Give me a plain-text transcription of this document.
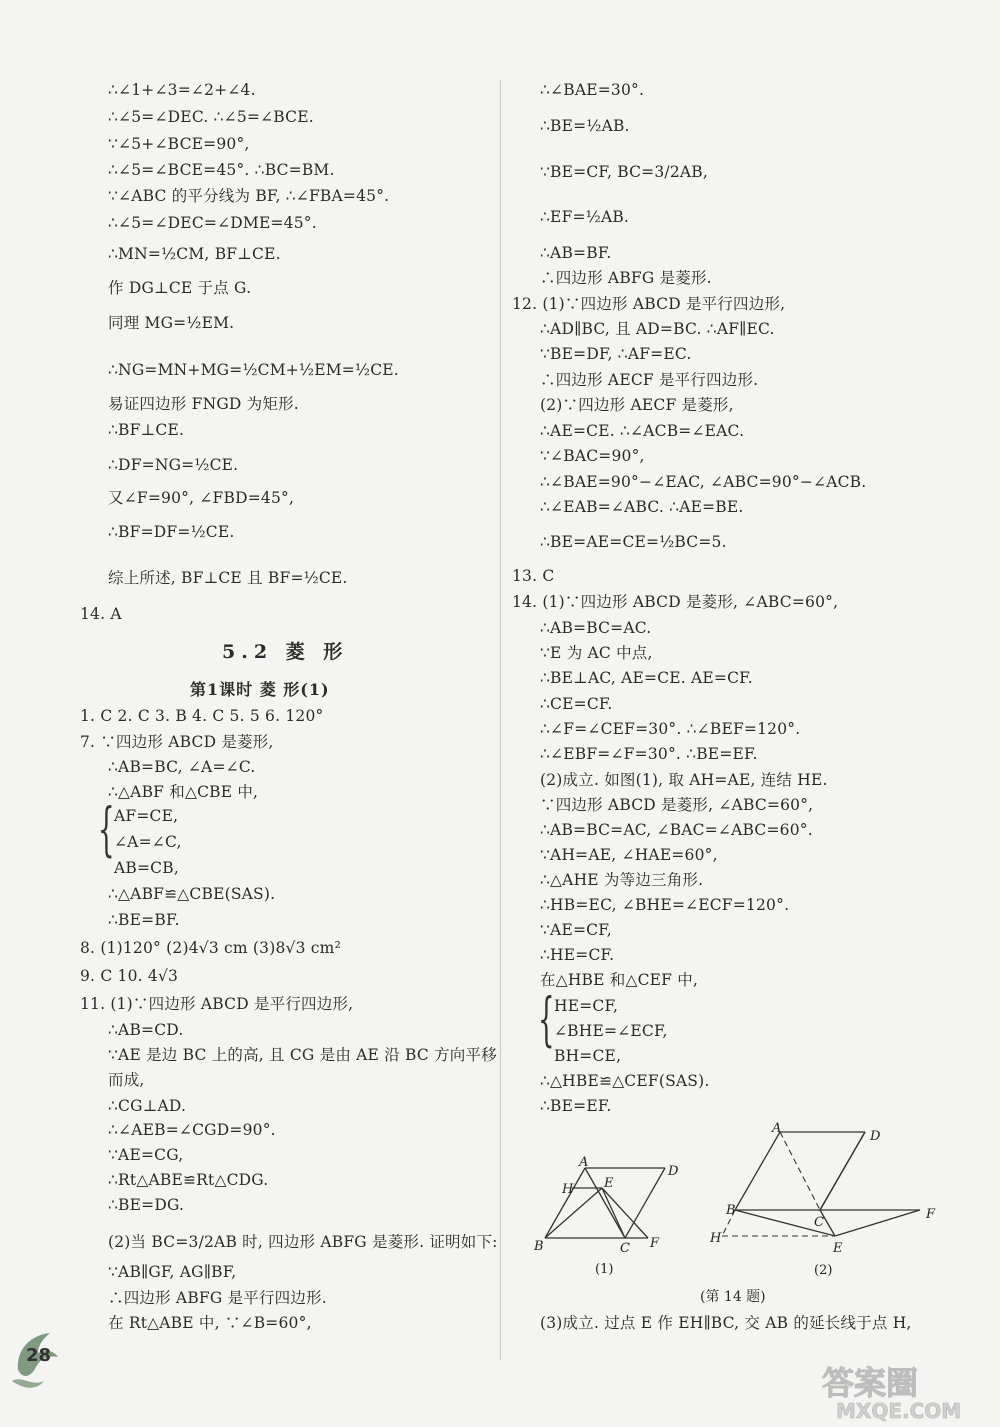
∴∠1+∠3=∠2+∠4.
∴∠5=∠DEC. ∴∠5=∠BCE.
∵∠5+∠BCE=90°,
∴∠5=∠BCE=45°. ∴BC=BM.
∵∠ABC 的平分线为 BF, ∴∠FBA=45°.
∴∠5=∠DEC=∠DME=45°.
∴MN=½CM, BF⊥CE.
作 DG⊥CE 于点 G.
同理 MG=½EM.
∴NG=MN+MG=½CM+½EM=½CE.
易证四边形 FNGD 为矩形.
∴BF⊥CE.
∴DF=NG=½CE.
又∠F=90°, ∠FBD=45°,
∴BF=DF=½CE.
综上所述, BF⊥CE 且 BF=½CE.
14. A
5.2 菱 形
第1课时 菱 形(1)
1. C 2. C 3. B 4. C 5. 5 6. 120°
7. ∵四边形 ABCD 是菱形,
∴AB=BC, ∠A=∠C.
∴△ABF 和△CBE 中,
{ AF=CE,
∠A=∠C,
AB=CB,
∴△ABF≌△CBE(SAS).
∴BE=BF.
8. (1)120° (2)4√3 cm (3)8√3 cm²
9. C 10. 4√3
11. (1)∵四边形 ABCD 是平行四边形,
∴AB=CD.
∵AE 是边 BC 上的高, 且 CG 是由 AE 沿 BC 方向平移
而成,
∴CG⊥AD.
∴∠AEB=∠CGD=90°.
∵AE=CG,
∴Rt△ABE≌Rt△CDG.
∴BE=DG.
(2)当 BC=3/2AB 时, 四边形 ABFG 是菱形. 证明如下:
∵AB∥GF, AG∥BF,
∴四边形 ABFG 是平行四边形.
在 Rt△ABE 中, ∵∠B=60°,
∴∠BAE=30°.
∴BE=½AB.
∵BE=CF, BC=3/2AB,
∴EF=½AB.
∴AB=BF.
∴四边形 ABFG 是菱形.
12. (1)∵四边形 ABCD 是平行四边形,
∴AD∥BC, 且 AD=BC. ∴AF∥EC.
∵BE=DF, ∴AF=EC.
∴四边形 AECF 是平行四边形.
(2)∵四边形 AECF 是菱形,
∴AE=CE. ∴∠ACB=∠EAC.
∵∠BAC=90°,
∴∠BAE=90°−∠EAC, ∠ABC=90°−∠ACB.
∴∠EAB=∠ABC. ∴AE=BE.
∴BE=AE=CE=½BC=5.
13. C
14. (1)∵四边形 ABCD 是菱形, ∠ABC=60°,
∴AB=BC=AC.
∵E 为 AC 中点,
∴BE⊥AC, AE=CE. AE=CF.
∴CE=CF.
∴∠F=∠CEF=30°. ∴∠BEF=120°.
∴∠EBF=∠F=30°. ∴BE=EF.
(2)成立. 如图(1), 取 AH=AE, 连结 HE.
∵四边形 ABCD 是菱形, ∠ABC=60°,
∴AB=BC=AC, ∠BAC=∠ABC=60°.
∵AH=AE, ∠HAE=60°,
∴△AHE 为等边三角形.
∴HB=EC, ∠BHE=∠ECF=120°.
∵AE=CF,
∴HE=CF.
在△HBE 和△CEF 中,
{ HE=CF,
∠BHE=∠ECF,
BH=CE,
∴△HBE≌△CEF(SAS).
∴BE=EF.
A
D
H E
B	C F
(1)
A
D
B
C
F
H
E
(2)
(第 14 题)
(3)成立. 过点 E 作 EH∥BC, 交 AB 的延长线于点 H,
28
答案圈
MXQE.COM
